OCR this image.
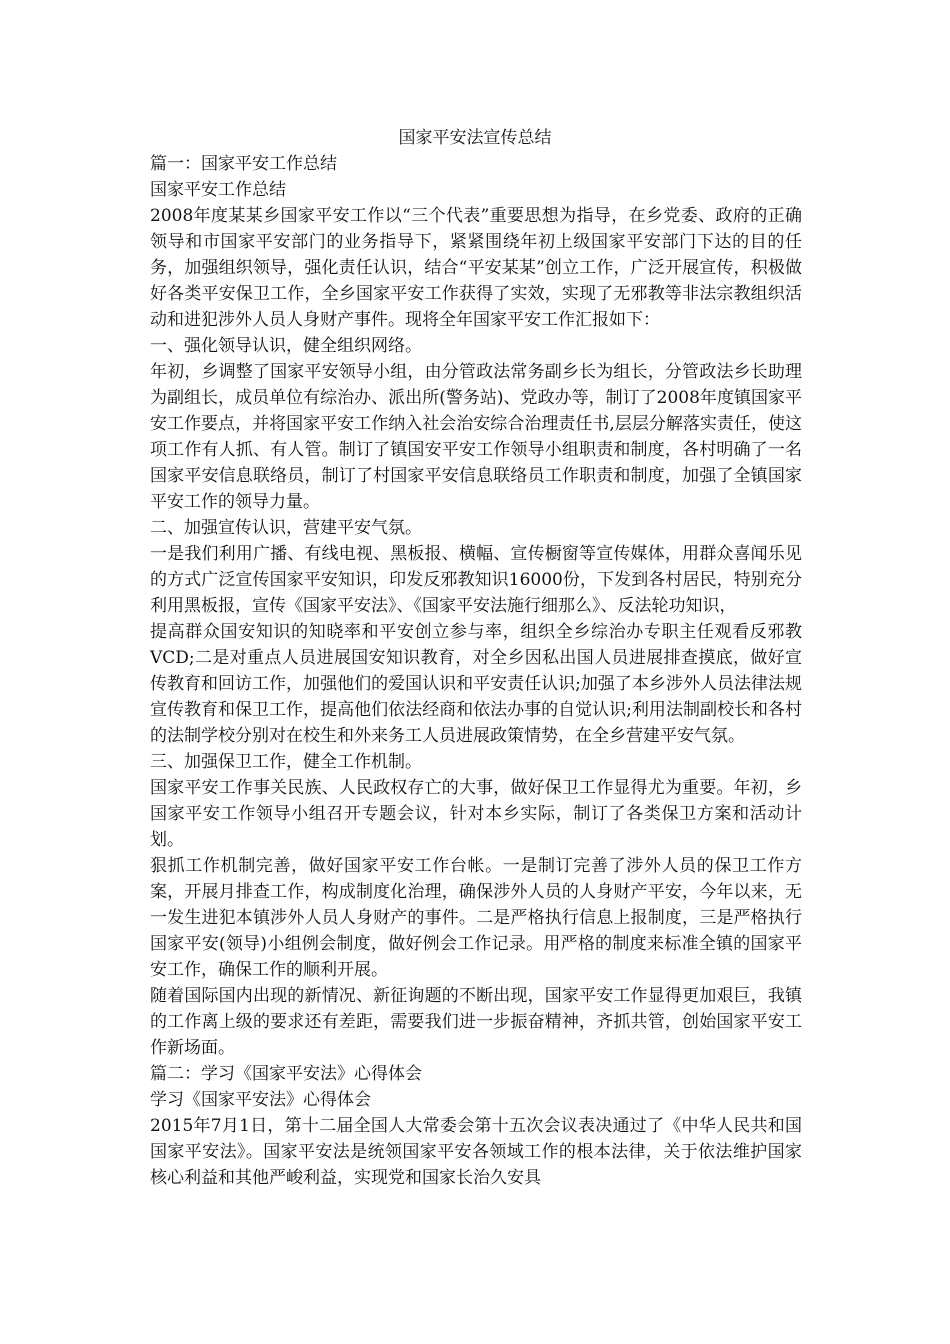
国家平安法宣传总结

篇一：国家平安工作总结

国家平安工作总结

2008年度某某乡国家平安工作以“三个代表”重要思想为指导，在乡党委、政府的正确领导和市国家平安部门的业务指导下，紧紧围绕年初上级国家平安部门下达的目的任务，加强组织领导，强化责任认识，结合“平安某某”创立工作，广泛开展宣传，积极做好各类平安保卫工作，全乡国家平安工作获得了实效，实现了无邪教等非法宗教组织活动和进犯涉外人员人身财产事件。现将全年国家平安工作汇报如下：

一、强化领导认识，健全组织网络。

年初，乡调整了国家平安领导小组，由分管政法常务副乡长为组长，分管政法乡长助理为副组长，成员单位有综治办、派出所(警务站)、党政办等，制订了2008年度镇国家平安工作要点，并将国家平安工作纳入社会治安综合治理责任书,层层分解落实责任，使这项工作有人抓、有人管。制订了镇国安平安工作领导小组职责和制度，各村明确了一名国家平安信息联络员，制订了村国家平安信息联络员工作职责和制度，加强了全镇国家平安工作的领导力量。

二、加强宣传认识，营建平安气氛。

一是我们利用广播、有线电视、黑板报、横幅、宣传橱窗等宣传媒体，用群众喜闻乐见的方式广泛宣传国家平安知识，印发反邪教知识16000份，下发到各村居民，特别充分利用黑板报，宣传《国家平安法》、《国家平安法施行细那么》、反法轮功知识，

提高群众国安知识的知晓率和平安创立参与率，组织全乡综治办专职主任观看反邪教VCD;二是对重点人员进展国安知识教育，对全乡因私出国人员进展排查摸底，做好宣传教育和回访工作，加强他们的爱国认识和平安责任认识;加强了本乡涉外人员法律法规宣传教育和保卫工作，提高他们依法经商和依法办事的自觉认识;利用法制副校长和各村的法制学校分别对在校生和外来务工人员进展政策情势，在全乡营建平安气氛。

三、加强保卫工作，健全工作机制。

国家平安工作事关民族、人民政权存亡的大事，做好保卫工作显得尤为重要。年初，乡国家平安工作领导小组召开专题会议，针对本乡实际，制订了各类保卫方案和活动计划。

狠抓工作机制完善，做好国家平安工作台帐。一是制订完善了涉外人员的保卫工作方案，开展月排查工作，构成制度化治理，确保涉外人员的人身财产平安，今年以来，无一发生进犯本镇涉外人员人身财产的事件。二是严格执行信息上报制度，三是严格执行国家平安(领导)小组例会制度，做好例会工作记录。用严格的制度来标准全镇的国家平安工作，确保工作的顺利开展。

随着国际国内出现的新情况、新征询题的不断出现，国家平安工作显得更加艰巨，我镇的工作离上级的要求还有差距，需要我们进一步振奋精神，齐抓共管，创始国家平安工作新场面。

篇二：学习《国家平安法》心得体会

学习《国家平安法》心得体会

2015年7月1日，第十二届全国人大常委会第十五次会议表决通过了《中华人民共和国国家平安法》。国家平安法是统领国家平安各领域工作的根本法律，关于依法维护国家核心利益和其他严峻利益，实现党和国家长治久安具
